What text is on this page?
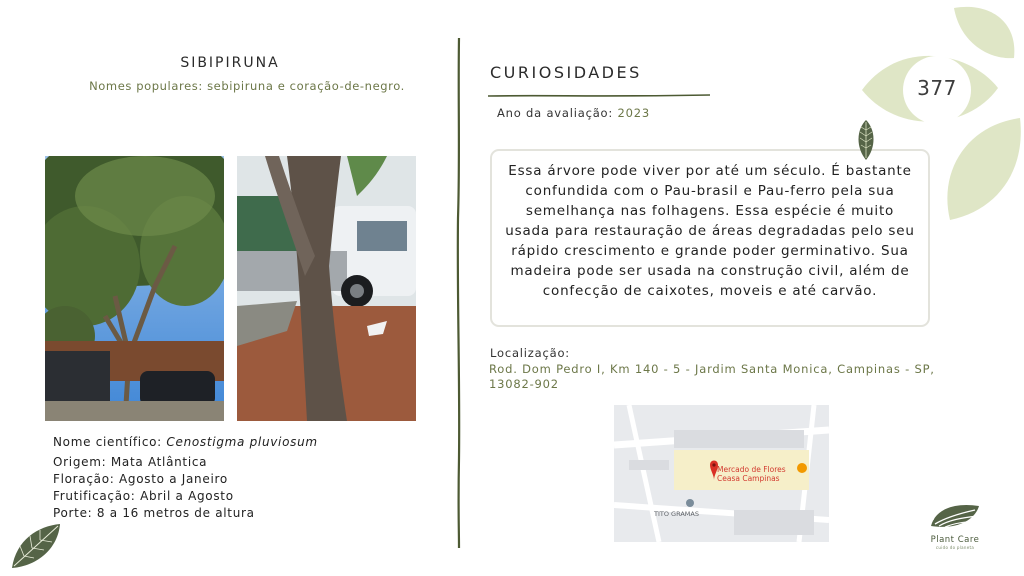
SIBIPIRUNA
Nomes populares: sebipiruna e coração-de-negro.
Nome científico: Cenostigma pluviosum
Origem: Mata Atlântica
Floração: Agosto a Janeiro
Frutificação: Abril a Agosto
Porte: 8 a 16 metros de altura
CURIOSIDADES
Ano da avaliação: 2023
Essa árvore pode viver por até um século. É bastante confundida com o Pau-brasil e Pau-ferro pela sua semelhança nas folhagens. Essa espécie é muito usada para restauração de áreas degradadas pelo seu rápido crescimento e grande poder germinativo. Sua madeira pode ser usada na construção civil, além de confecção de caixotes, moveis e até carvão.
Localização:
Rod. Dom Pedro I, Km 140 - 5 - Jardim Santa Monica, Campinas - SP, 13082-902
Mercado de Flores
Ceasa Campinas
TITO GRAMAS
377
Plant Care
cuido do planeta
